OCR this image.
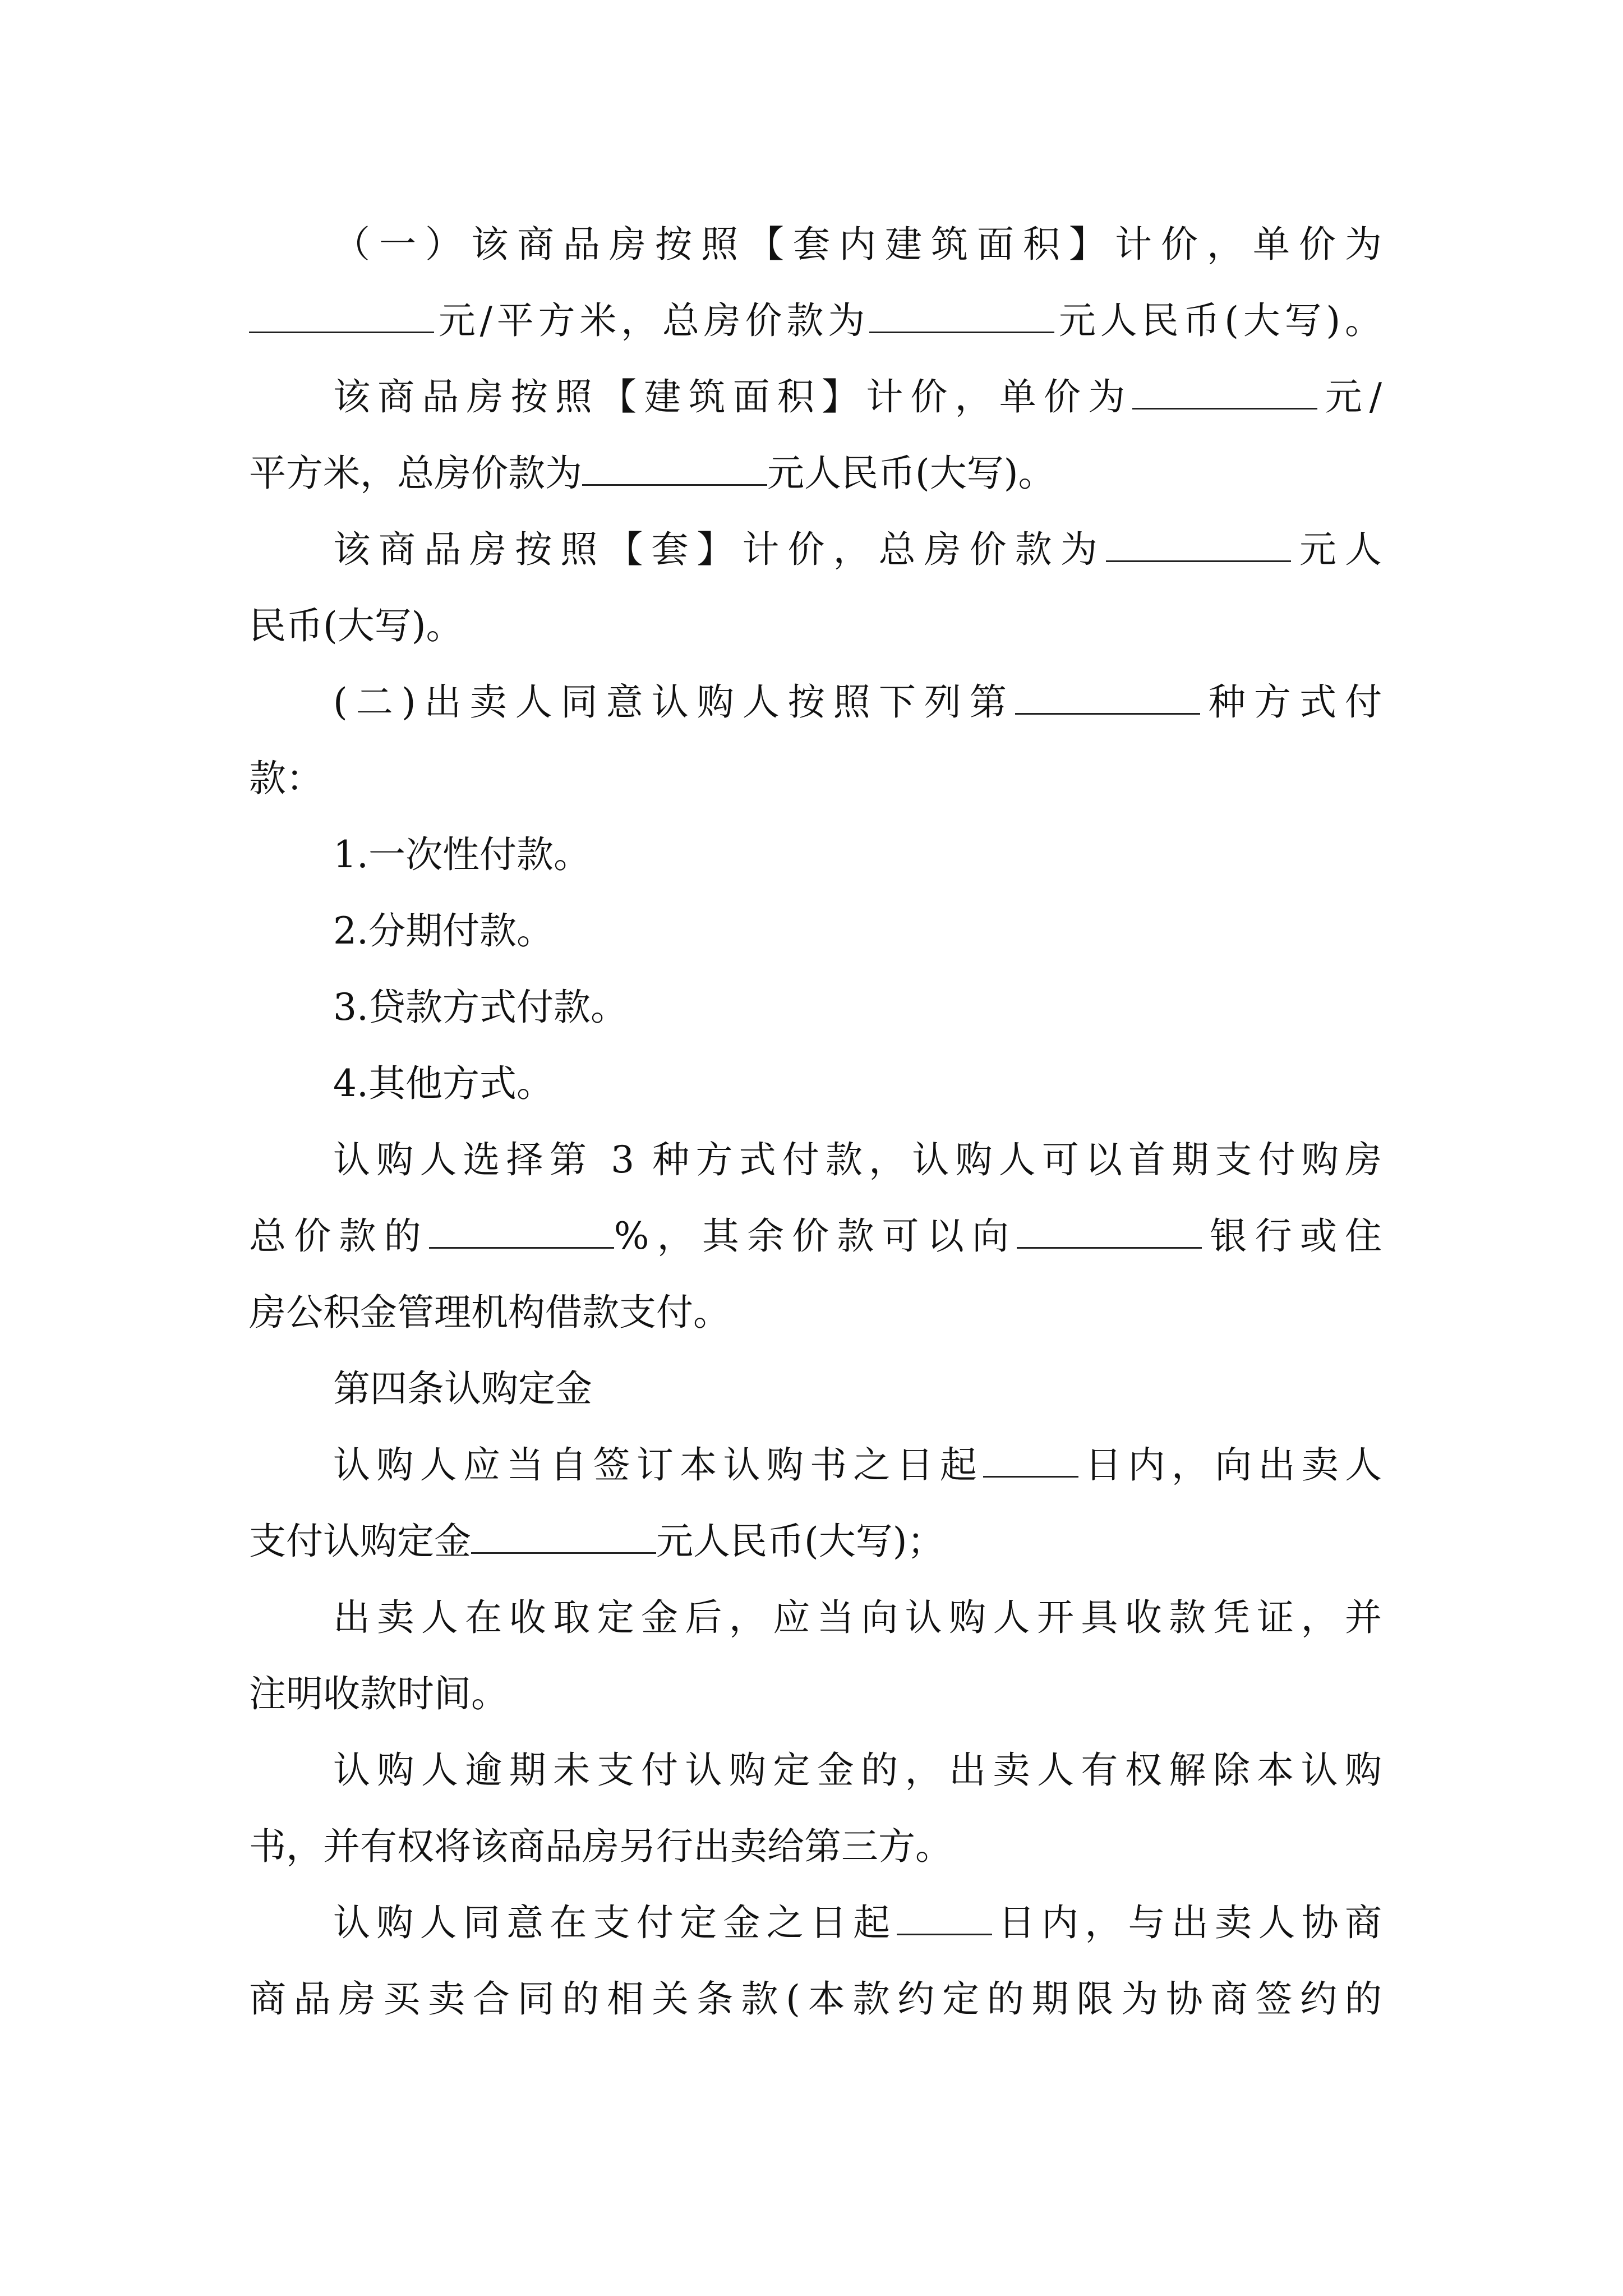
（一）该商品房按照【套内建筑面积】计价，单价为

元/平方米，总房价款为	元人民币(大写)。

该商品房按照【建筑面积】计价，单价为	元/

平方米，总房价款为	元人民币(大写)。

该商品房按照【套】计价，总房价款为	元人

民币(大写)。

(二)出卖人同意认购人按照下列第	种方式付

款：

1.一次性付款。

2.分期付款。

3.贷款方式付款。

4.其他方式。

认购人选择第 3 种方式付款，认购人可以首期支付购房

总价款的	%，其余价款可以向	银行或住

房公积金管理机构借款支付。

第四条认购定金

认购人应当自签订本认购书之日起	日内，向出卖人

支付认购定金	元人民币(大写)；

出卖人在收取定金后，应当向认购人开具收款凭证，并

注明收款时间。

认购人逾期未支付认购定金的，出卖人有权解除本认购

书，并有权将该商品房另行出卖给第三方。

认购人同意在支付定金之日起	日内，与出卖人协商

商品房买卖合同的相关条款(本款约定的期限为协商签约的
